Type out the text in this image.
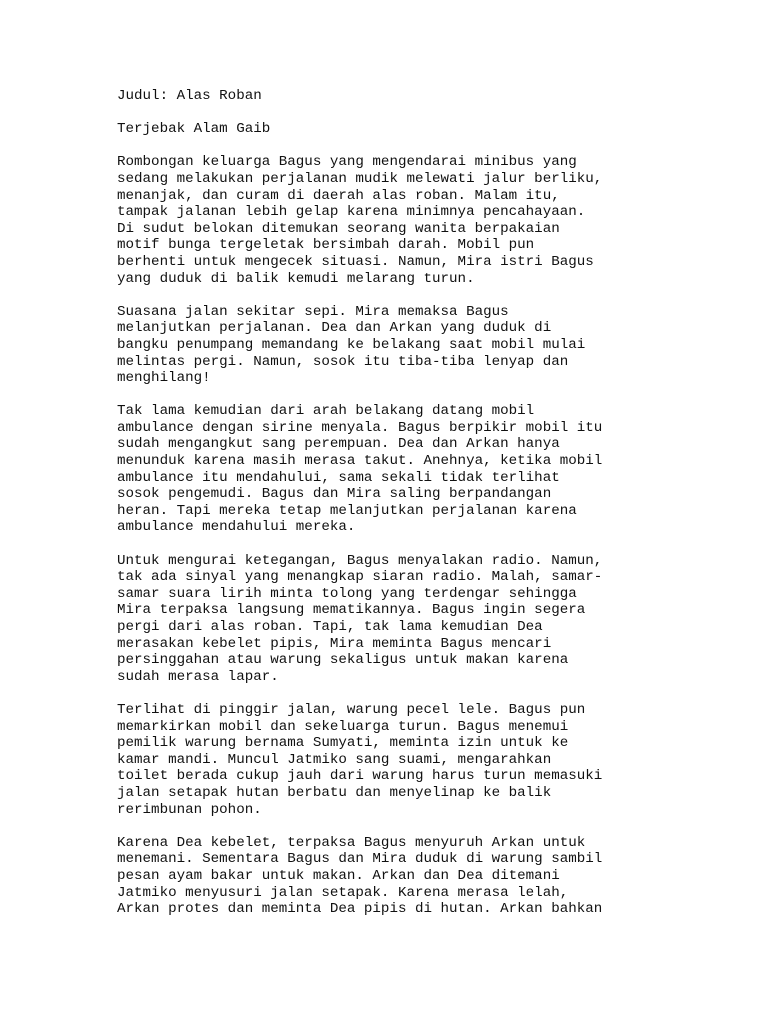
Judul: Alas Roban
Terjebak Alam Gaib
Rombongan keluarga Bagus yang mengendarai minibus yang
sedang melakukan perjalanan mudik melewati jalur berliku,
menanjak, dan curam di daerah alas roban. Malam itu,
tampak jalanan lebih gelap karena minimnya pencahayaan.
Di sudut belokan ditemukan seorang wanita berpakaian
motif bunga tergeletak bersimbah darah. Mobil pun
berhenti untuk mengecek situasi. Namun, Mira istri Bagus
yang duduk di balik kemudi melarang turun.
Suasana jalan sekitar sepi. Mira memaksa Bagus
melanjutkan perjalanan. Dea dan Arkan yang duduk di
bangku penumpang memandang ke belakang saat mobil mulai
melintas pergi. Namun, sosok itu tiba-tiba lenyap dan
menghilang!
Tak lama kemudian dari arah belakang datang mobil
ambulance dengan sirine menyala. Bagus berpikir mobil itu
sudah mengangkut sang perempuan. Dea dan Arkan hanya
menunduk karena masih merasa takut. Anehnya, ketika mobil
ambulance itu mendahului, sama sekali tidak terlihat
sosok pengemudi. Bagus dan Mira saling berpandangan
heran. Tapi mereka tetap melanjutkan perjalanan karena
ambulance mendahului mereka.
Untuk mengurai ketegangan, Bagus menyalakan radio. Namun,
tak ada sinyal yang menangkap siaran radio. Malah, samar-
samar suara lirih minta tolong yang terdengar sehingga
Mira terpaksa langsung mematikannya. Bagus ingin segera
pergi dari alas roban. Tapi, tak lama kemudian Dea
merasakan kebelet pipis, Mira meminta Bagus mencari
persinggahan atau warung sekaligus untuk makan karena
sudah merasa lapar.
Terlihat di pinggir jalan, warung pecel lele. Bagus pun
memarkirkan mobil dan sekeluarga turun. Bagus menemui
pemilik warung bernama Sumyati, meminta izin untuk ke
kamar mandi. Muncul Jatmiko sang suami, mengarahkan
toilet berada cukup jauh dari warung harus turun memasuki
jalan setapak hutan berbatu dan menyelinap ke balik
rerimbunan pohon.
Karena Dea kebelet, terpaksa Bagus menyuruh Arkan untuk
menemani. Sementara Bagus dan Mira duduk di warung sambil
pesan ayam bakar untuk makan. Arkan dan Dea ditemani
Jatmiko menyusuri jalan setapak. Karena merasa lelah,
Arkan protes dan meminta Dea pipis di hutan. Arkan bahkan
